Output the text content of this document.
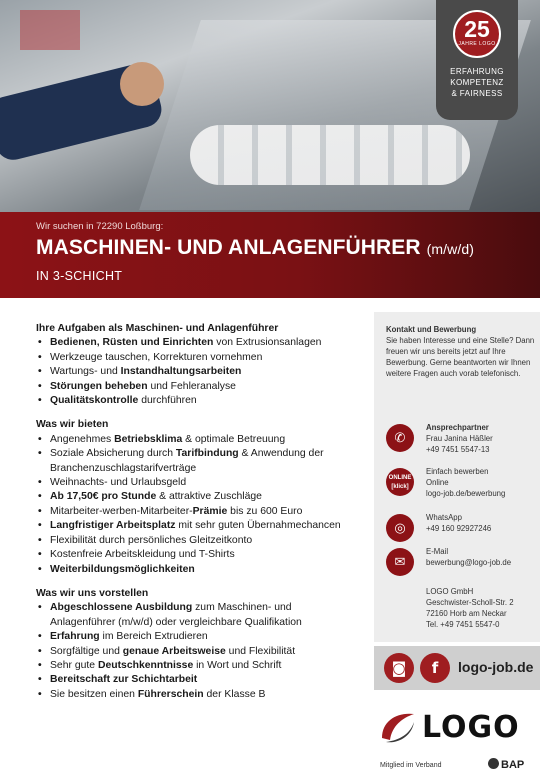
25
JAHRE LOGO
ERFAHRUNG
KOMPETENZ
& FAIRNESS
Wir suchen in 72290 Loßburg:
MASCHINEN- UND ANLAGENFÜHRER (m/w/d)
IN 3-SCHICHT
Ihre Aufgaben als Maschinen- und Anlagenführer
• Bedienen, Rüsten und Einrichten von Extrusionsanlagen
• Werkzeuge tauschen, Korrekturen vornehmen
• Wartungs- und Instandhaltungsarbeiten
• Störungen beheben und Fehleranalyse
• Qualitätskontrolle durchführen
Was wir bieten
• Angenehmes Betriebsklima & optimale Betreuung
• Soziale Absicherung durch Tarifbindung & Anwendung der Branchenzuschlagstarifverträge
• Weihnachts- und Urlaubsgeld
• Ab 17,50€ pro Stunde & attraktive Zuschläge
• Mitarbeiter-werben-Mitarbeiter-Prämie bis zu 600 Euro
• Langfristiger Arbeitsplatz mit sehr guten Übernahmechancen
• Flexibilität durch persönliches Gleitzeitkonto
• Kostenfreie Arbeitskleidung und T-Shirts
• Weiterbildungsmöglichkeiten
Was wir uns vorstellen
• Abgeschlossene Ausbildung zum Maschinen- und Anlagenführer (m/w/d) oder vergleichbare Qualifikation
• Erfahrung im Bereich Extrudieren
• Sorgfältige und genaue Arbeitsweise und Flexibilität
• Sehr gute Deutschkenntnisse in Wort und Schrift
• Bereitschaft zur Schichtarbeit
• Sie besitzen einen Führerschein der Klasse B
Kontakt und Bewerbung
Sie haben Interesse und eine Stelle? Dann freuen wir uns bereits jetzt auf Ihre Bewerbung. Gerne beantworten wir Ihnen weitere Fragen auch vorab telefonisch.
✆
Ansprechpartner
Frau Janina Häßler
+49 7451 5547-13
ONLINE
[klick]
Einfach bewerben
Online
logo-job.de/bewerbung
◎
WhatsApp
+49 160 92927246
✉
E-Mail
bewerbung@logo-job.de
LOGO GmbH
Geschwister-Scholl-Str. 2
72160 Horb am Neckar
Tel. +49 7451 5547-0
◙	f	logo-job.de
LOGO
Mitglied im Verband	BAP
